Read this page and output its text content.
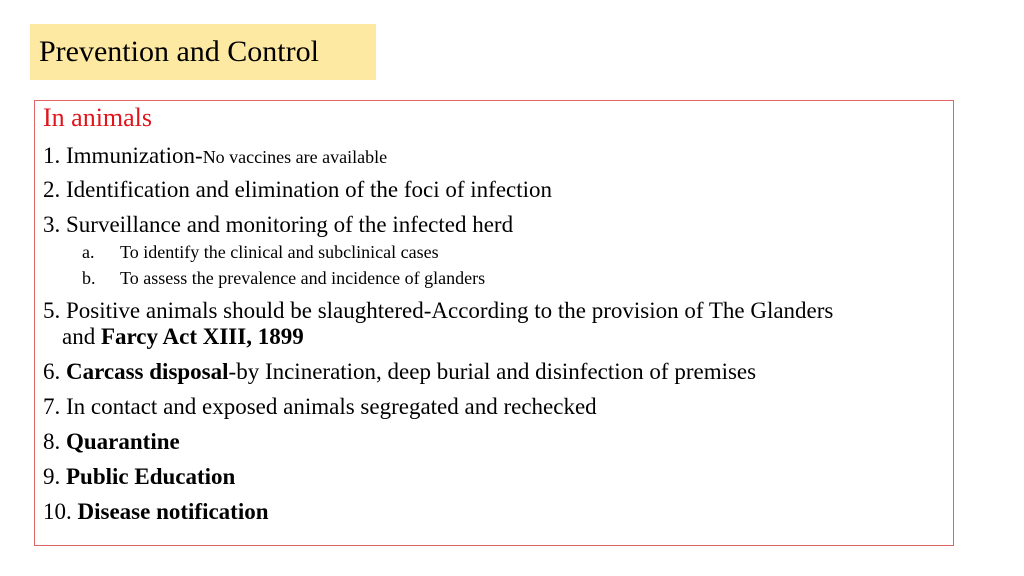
Prevention and Control
In animals
1. Immunization-No vaccines are available
2. Identification and elimination of the foci of infection
3. Surveillance and monitoring of the infected herd
a. To identify the clinical and subclinical cases
b. To assess the prevalence and incidence of glanders
5. Positive animals should be slaughtered-According to the provision of The Glanders
and Farcy Act XIII, 1899
6. Carcass disposal-by Incineration, deep burial and disinfection of premises
7. In contact and exposed animals segregated and rechecked
8. Quarantine
9. Public Education
10. Disease notification
